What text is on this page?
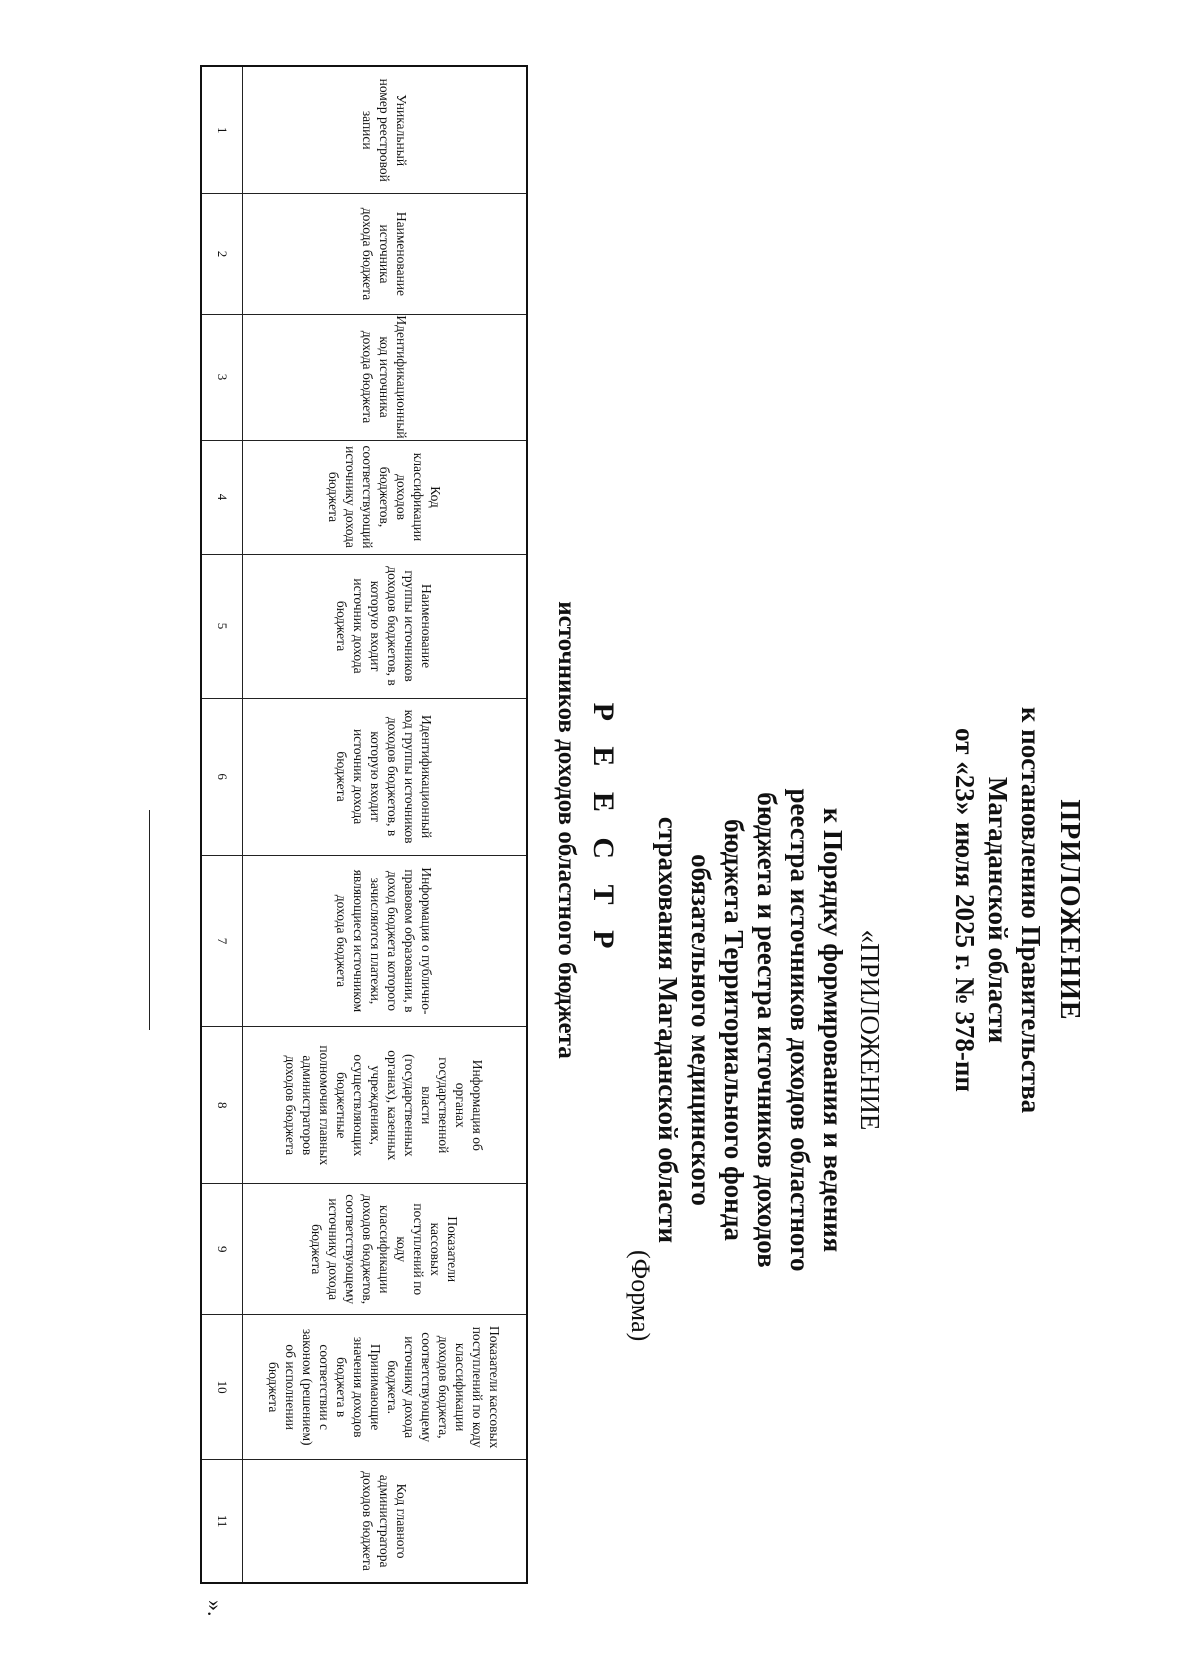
ПРИЛОЖЕНИЕ
к постановлению Правительства
Магаданской области
от «23» июля 2025 г. № 378-пп
«ПРИЛОЖЕНИЕ
к Порядку формирования и ведения
реестра источников доходов областного
бюджета и реестра источников доходов
бюджета Территориального фонда
обязательного медицинского
страхования Магаданской области
(Форма)
Р Е Е С Т Р
источников доходов областного бюджета
Уникальный номер реестровой записи
1
Наименование источника дохода бюджета
2
Идентификационный код источника дохода бюджета
3
Код классификации доходов бюджетов, соответствующий источнику дохода бюджета
4
Наименование группы источников доходов бюджетов, в которую входит источник дохода бюджета
5
Идентификационный код группы источников доходов бюджетов, в которую входит источник дохода бюджета
6
Информация о публично-правовом образовании, в доход бюджета которого зачисляются платежи, являющиеся источником дохода бюджета
7
Информация об органах государственной власти (государственных органах), казенных учреждениях, осуществляющих бюджетные полномочия главных администраторов доходов бюджета
8
Показатели кассовых поступлений по коду классификации доходов бюджетов, соответствующему источнику дохода бюджета
9
Показатели кассовых поступлений по коду классификации доходов бюджета, соответствующему источнику дохода бюджета. Принимающие значения доходов бюджета в соответствии с законом (решением) об исполнении бюджета
10
Код главного администратора доходов бюджета
11
».
